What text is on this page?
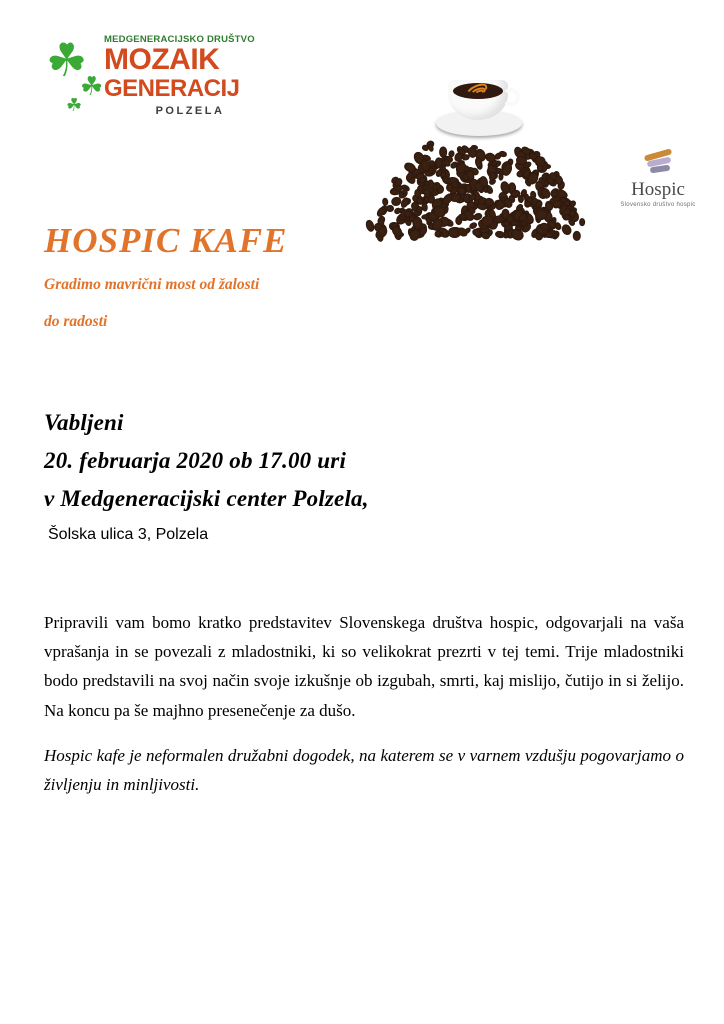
☘
☘
☘
MEDGENERACIJSKO DRUŠTVO
MOZAIK
GENERACIJ
POLZELA
Hospic
Slovensko društvo hospic
HOSPIC KAFE
Gradimo mavrični most od žalosti
do radosti
Vabljeni
20. februarja 2020 ob 17.00 uri
v Medgeneracijski center Polzela,
Šolska ulica 3, Polzela

Pripravili vam bomo kratko predstavitev Slovenskega društva hospic, odgovarjali na vaša vprašanja in se povezali z mladostniki, ki so velikokrat prezrti v tej temi. Trije mladostniki bodo predstavili na svoj način svoje izkušnje ob izgubah, smrti, kaj mislijo, čutijo in si želijo. Na koncu pa še majhno presenečenje za dušo.

Hospic kafe je neformalen družabni dogodek, na katerem se v varnem vzdušju pogovarjamo o življenju in minljivosti.
